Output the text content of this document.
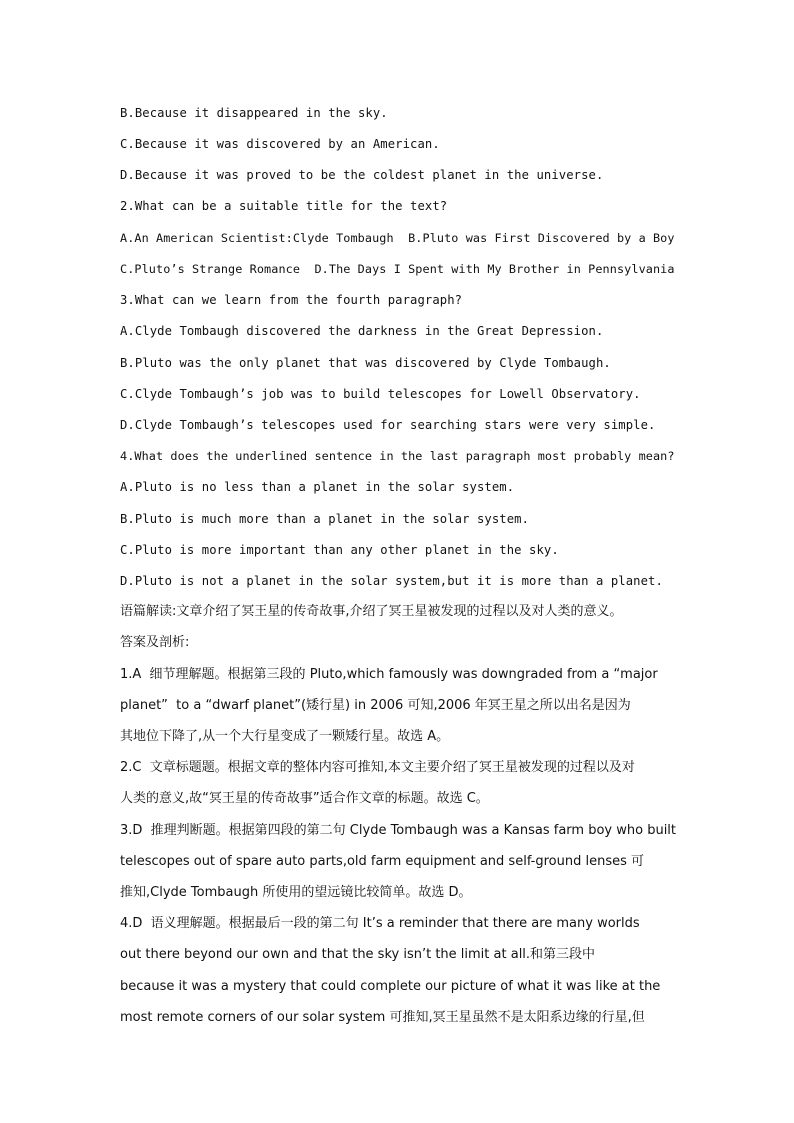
B.Because it disappeared in the sky.
C.Because it was discovered by an American.
D.Because it was proved to be the coldest planet in the universe.
2.What can be a suitable title for the text?
A.An American Scientist:Clyde Tombaugh  B.Pluto was First Discovered by a Boy
C.Pluto’s Strange Romance  D.The Days I Spent with My Brother in Pennsylvania
3.What can we learn from the fourth paragraph?
A.Clyde Tombaugh discovered the darkness in the Great Depression.
B.Pluto was the only planet that was discovered by Clyde Tombaugh.
C.Clyde Tombaugh’s job was to build telescopes for Lowell Observatory.
D.Clyde Tombaugh’s telescopes used for searching stars were very simple.
4.What does the underlined sentence in the last paragraph most probably mean?
A.Pluto is no less than a planet in the solar system.
B.Pluto is much more than a planet in the solar system.
C.Pluto is more important than any other planet in the sky.
D.Pluto is not a planet in the solar system,but it is more than a planet.
语篇解读:文章介绍了冥王星的传奇故事,介绍了冥王星被发现的过程以及对人类的意义。
答案及剖析:
1.A  细节理解题。根据第三段的 Pluto,which famously was downgraded from a “major
planet”  to a “dwarf planet”(矮行星) in 2006 可知,2006 年冥王星之所以出名是因为
其地位下降了,从一个大行星变成了一颗矮行星。故选 A。
2.C  文章标题题。根据文章的整体内容可推知,本文主要介绍了冥王星被发现的过程以及对
人类的意义,故“冥王星的传奇故事”适合作文章的标题。故选 C。
3.D  推理判断题。根据第四段的第二句 Clyde Tombaugh was a Kansas farm boy who built
telescopes out of spare auto parts,old farm equipment and self-ground lenses 可
推知,Clyde Tombaugh 所使用的望远镜比较简单。故选 D。
4.D  语义理解题。根据最后一段的第二句 It’s a reminder that there are many worlds
out there beyond our own and that the sky isn’t the limit at all.和第三段中
because it was a mystery that could complete our picture of what it was like at the
most remote corners of our solar system 可推知,冥王星虽然不是太阳系边缘的行星,但
